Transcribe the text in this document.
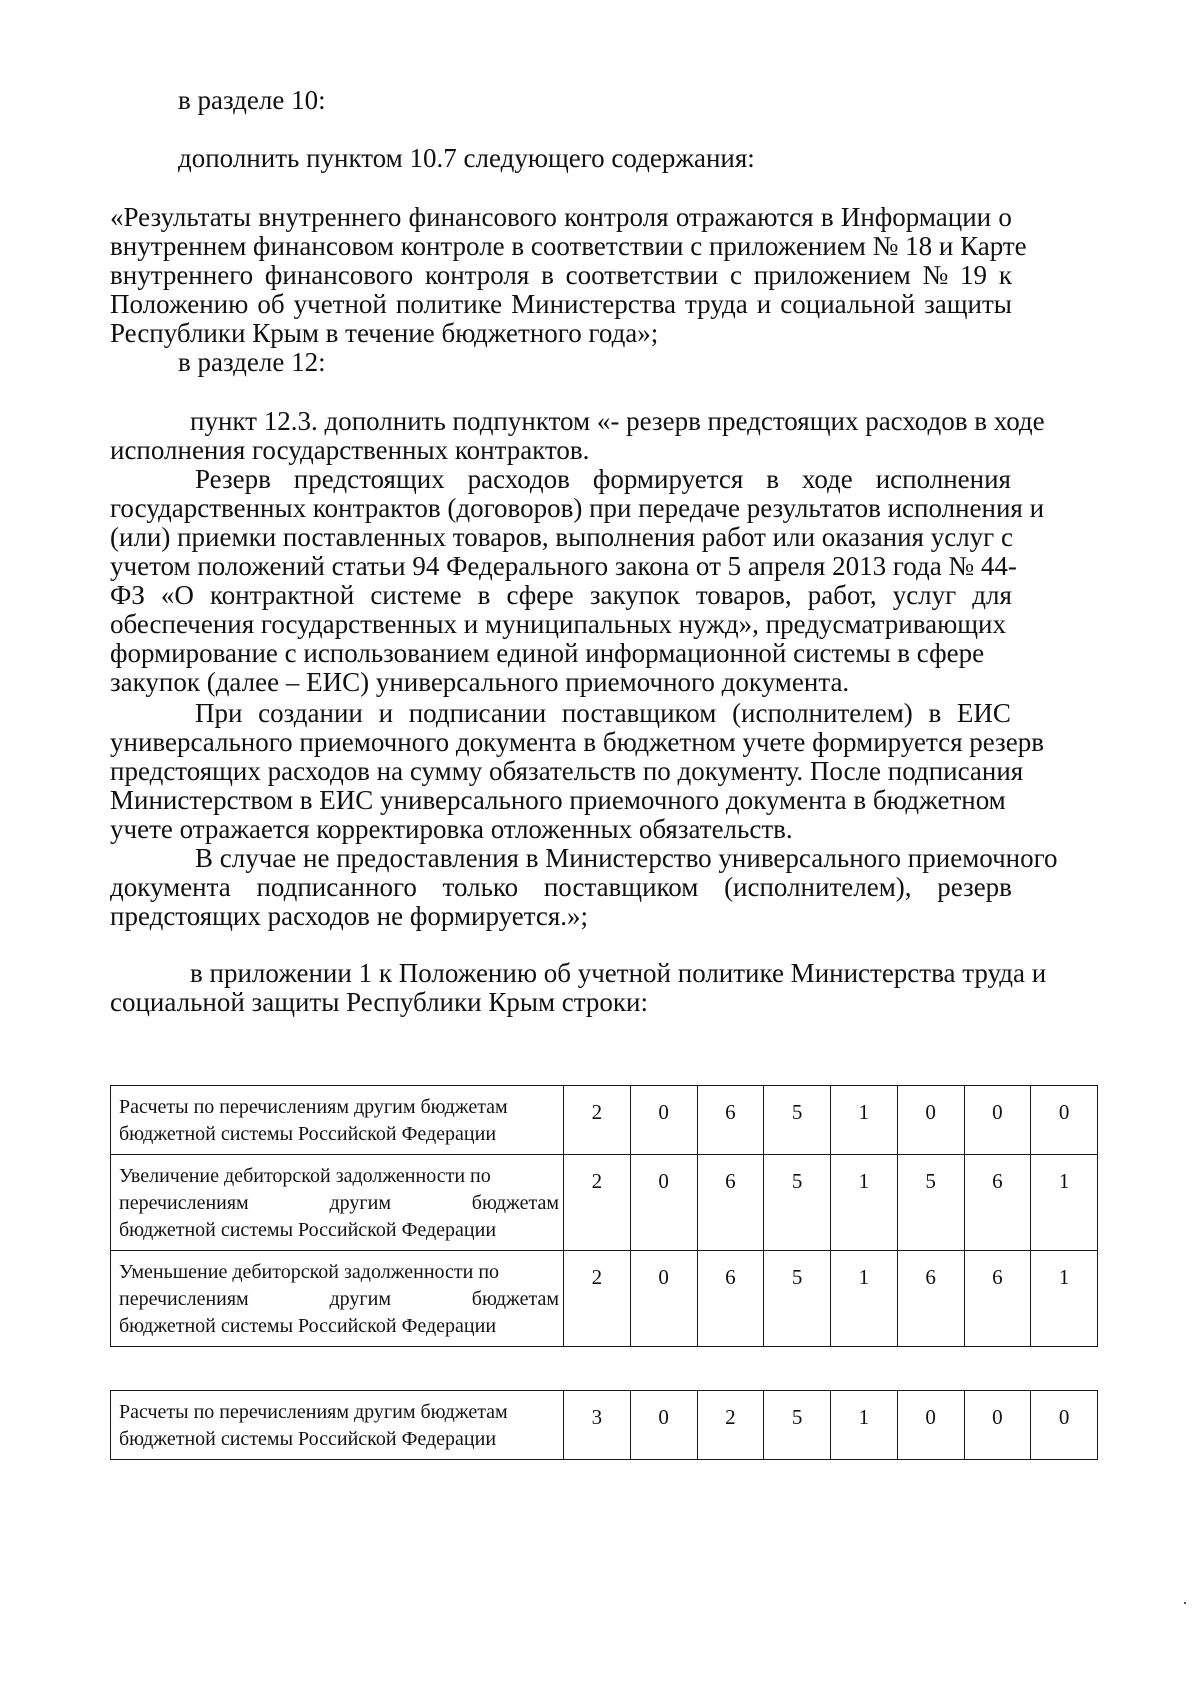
в разделе 10:
дополнить пунктом 10.7 следующего содержания:
«Результаты внутреннего финансового контроля отражаются в Информации о
внутреннем финансовом контроле в соответствии с приложением № 18 и Карте
внутреннего финансового контроля в соответствии с приложением № 19 к
Положению об учетной политике Министерства труда и социальной защиты
Республики Крым в течение бюджетного года»;
в разделе 12:
пункт 12.3. дополнить подпунктом «- резерв предстоящих расходов в ходе
исполнения государственных контрактов.
Резерв предстоящих расходов формируется в ходе исполнения
государственных контрактов (договоров) при передаче результатов исполнения и
(или) приемки поставленных товаров, выполнения работ или оказания услуг с
учетом положений статьи 94 Федерального закона от 5 апреля 2013 года № 44-
ФЗ «О контрактной системе в сфере закупок товаров, работ, услуг для
обеспечения государственных и муниципальных нужд», предусматривающих
формирование с использованием единой информационной системы в сфере
закупок (далее – ЕИС) универсального приемочного документа.
При создании и подписании поставщиком (исполнителем) в ЕИС
универсального приемочного документа в бюджетном учете формируется резерв
предстоящих расходов на сумму обязательств по документу. После подписания
Министерством в ЕИС универсального приемочного документа в бюджетном
учете отражается корректировка отложенных обязательств.
В случае не предоставления в Министерство универсального приемочного
документа подписанного только поставщиком (исполнителем), резерв
предстоящих расходов не формируется.»;
в приложении 1 к Положению об учетной политике Министерства труда и
социальной защиты Республики Крым строки:
Расчеты по перечислениям другим бюджетам
бюджетной системы Российской Федерации	2	0	6	5	1	0	0	0

Увеличение дебиторской задолженности по
перечислениям другим бюджетам
бюджетной системы Российской Федерации	2	0	6	5	1	5	6	1

Уменьшение дебиторской задолженности по
перечислениям другим бюджетам
бюджетной системы Российской Федерации	2	0	6	5	1	6	6	1
Расчеты по перечислениям другим бюджетам
бюджетной системы Российской Федерации
	3	0	2	5	1	0	0	0
